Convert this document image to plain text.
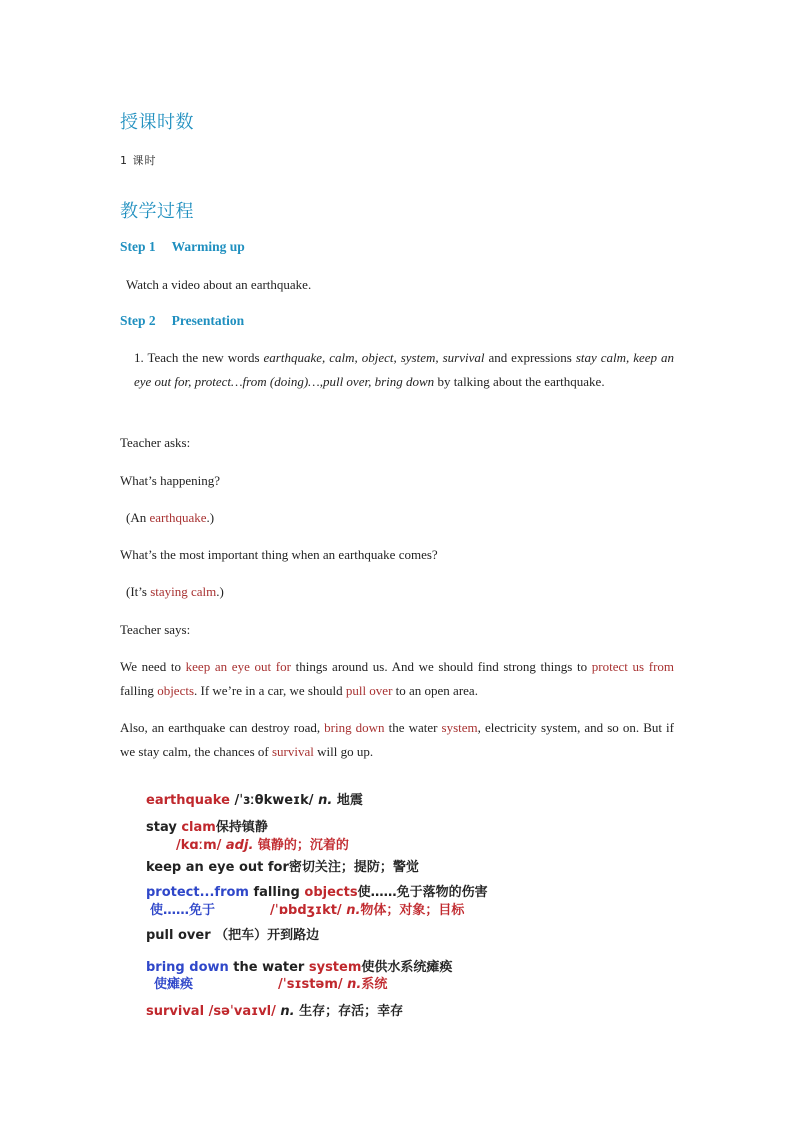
授课时数
1 课时
教学过程
Step 1 Warming up
Watch a video about an earthquake.
Step 2 Presentation
1. Teach the new words earthquake, calm, object, system, survival and expressions stay calm, keep an eye out for, protect…from (doing)…,pull over, bring down by talking about the earthquake.
Teacher asks:
What’s happening?
(An earthquake.)
What’s the most important thing when an earthquake comes?
(It’s staying calm.)
Teacher says:
We need to keep an eye out for things around us. And we should find strong things to protect us from falling objects. If we’re in a car, we should pull over to an open area.
Also, an earthquake can destroy road, bring down the water system, electricity system, and so on. But if we stay calm, the chances of survival will go up.
earthquake /ˈɜːθkweɪk/ n. 地震
stay clam保持镇静
/kɑːm/ adj. 镇静的；沉着的
keep an eye out for密切关注；提防；警觉
protect...from falling objects使……免于落物的伤害
使……免于	/ˈɒbdʒɪkt/ n.物体；对象；目标
pull over （把车）开到路边
bring down the water system使供水系统瘫痪
使瘫痪	/ˈsɪstəm/ n.系统
survival /səˈvaɪvl/ n. 生存；存活；幸存
